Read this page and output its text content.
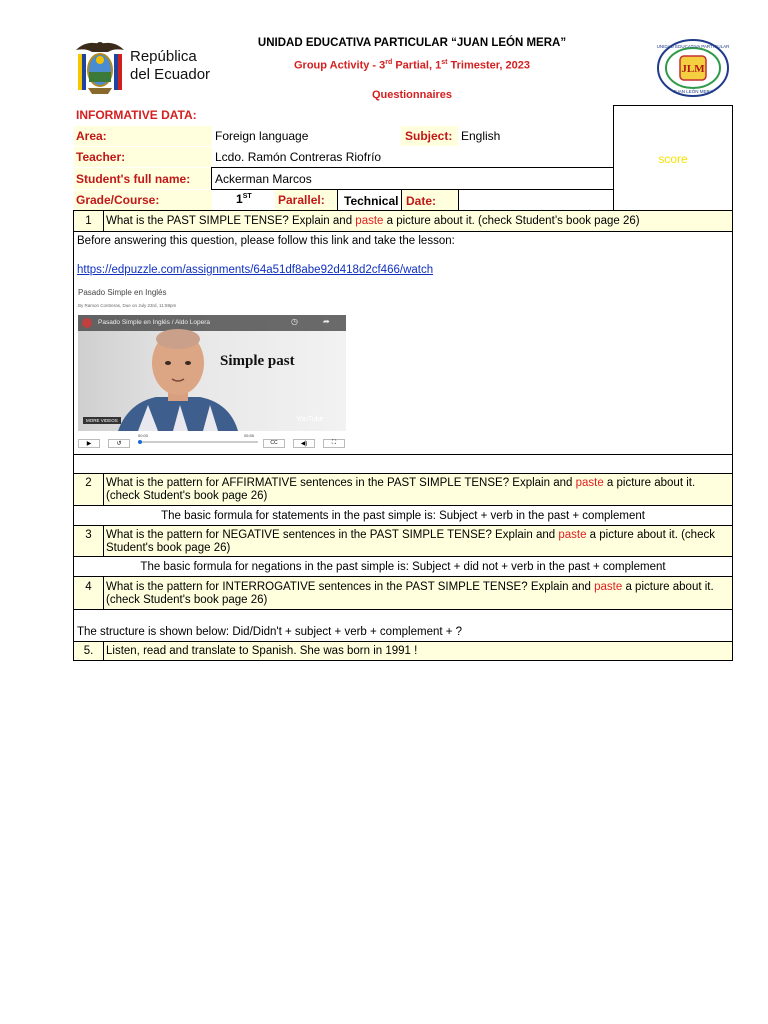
República
del Ecuador	JLM
UNIDAD EDUCATIVA PARTICULAR
JUAN LEÓN MERA
UNIDAD EDUCATIVA PARTICULAR “JUAN LEÓN MERA”
Group Activity - 3rd Partial, 1st Trimester, 2023
Questionnaires
INFORMATIVE DATA:
score
Area:	Foreign language	Subject: English
Teacher:	Lcdo. Ramón Contreras Riofrío
Student's full name: Ackerman Marcos
Grade/Course:	1ST Parallel: Technical Date:
1	What is the PAST SIMPLE TENSE? Explain and paste a picture about it. (check Student’s book page 26)
Before answering this question, please follow this link and take the lesson:
https://edpuzzle.com/assignments/64a51df8abe92d418d2cf466/watch
Pasado Simple en Inglés
By Ramon Contreras, Due on July 23rd, 11:59pm
Pasado Simple en Inglés / Aldo Lopera	◷	➦
Simple past
MORE VIDEOS	YouTube
00:00	05:55
▶	↺	CC	◀)	⛶
2	What is the pattern for AFFIRMATIVE sentences in the PAST SIMPLE TENSE? Explain and paste a picture about it. (check Student's book page 26)
The basic formula for statements in the past simple is: Subject + verb in the past + complement
3	What is the pattern for NEGATIVE sentences in the PAST SIMPLE TENSE? Explain and paste a picture about it. (check Student's book page 26)
The basic formula for negations in the past simple is: Subject + did not + verb in the past + complement
4	What is the pattern for INTERROGATIVE sentences in the PAST SIMPLE TENSE? Explain and paste a picture about it. (check Student's book page 26)
The structure is shown below: Did/Didn't + subject + verb + complement + ?
5.	Listen, read and translate to Spanish. She was born in 1991 !
